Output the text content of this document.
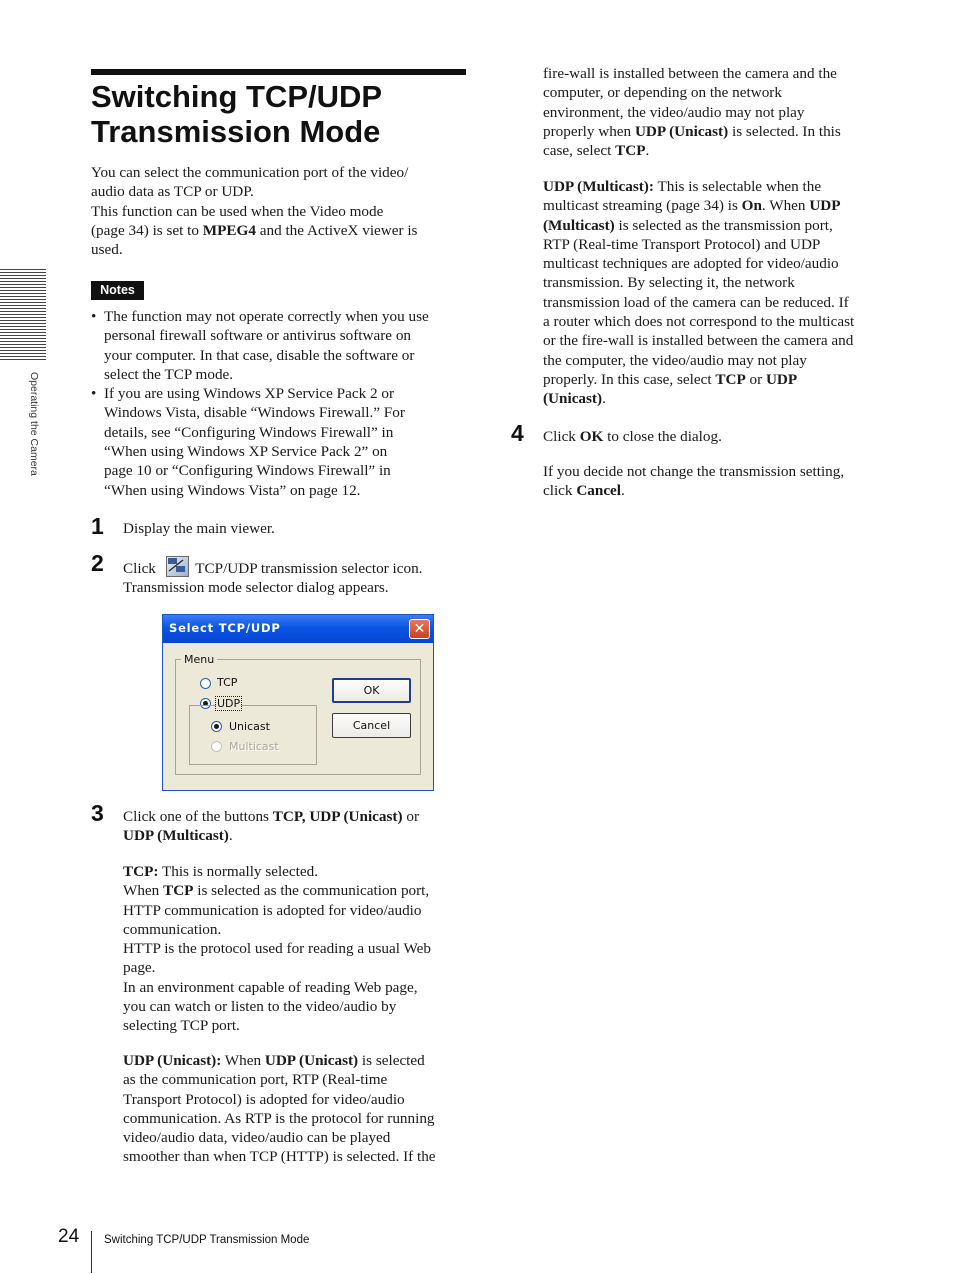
Operating the Camera
Switching TCP/UDP
Transmission Mode

You can select the communication port of the video/
audio data as TCP or UDP.
This function can be used when the Video mode
(page 34) is set to MPEG4 and the ActiveX viewer is
used.

Notes
• The function may not operate correctly when you use
personal firewall software or antivirus software on
your computer. In that case, disable the software or
select the TCP mode.
• If you are using Windows XP Service Pack 2 or
Windows Vista, disable “Windows Firewall.” For
details, see “Configuring Windows Firewall” in
“When using Windows XP Service Pack 2” on
page 10 or “Configuring Windows Firewall” in
“When using Windows Vista” on page 12.
1 Display the main viewer.
2 Click
TCP/UDP transmission selector icon.
Transmission mode selector dialog appears.
Select TCP/UDP	✕
Menu
TCP
UDP
Unicast
Multicast
OK
Cancel
3 Click one of the buttons TCP, UDP (Unicast) or
UDP (Multicast).
TCP: This is normally selected.
When TCP is selected as the communication port,
HTTP communication is adopted for video/audio
communication.
HTTP is the protocol used for reading a usual Web
page.
In an environment capable of reading Web page,
you can watch or listen to the video/audio by
selecting TCP port.
UDP (Unicast): When UDP (Unicast) is selected
as the communication port, RTP (Real-time
Transport Protocol) is adopted for video/audio
communication. As RTP is the protocol for running
video/audio data, video/audio can be played
smoother than when TCP (HTTP) is selected. If the
fire-wall is installed between the camera and the
computer, or depending on the network
environment, the video/audio may not play
properly when UDP (Unicast) is selected. In this
case, select TCP.
UDP (Multicast): This is selectable when the
multicast streaming (page 34) is On. When UDP
(Multicast) is selected as the transmission port,
RTP (Real-time Transport Protocol) and UDP
multicast techniques are adopted for video/audio
transmission. By selecting it, the network
transmission load of the camera can be reduced. If
a router which does not correspond to the multicast
or the fire-wall is installed between the camera and
the computer, the video/audio may not play
properly. In this case, select TCP or UDP
(Unicast).
4 Click OK to close the dialog.
If you decide not change the transmission setting,
click Cancel.
24 Switching TCP/UDP Transmission Mode
